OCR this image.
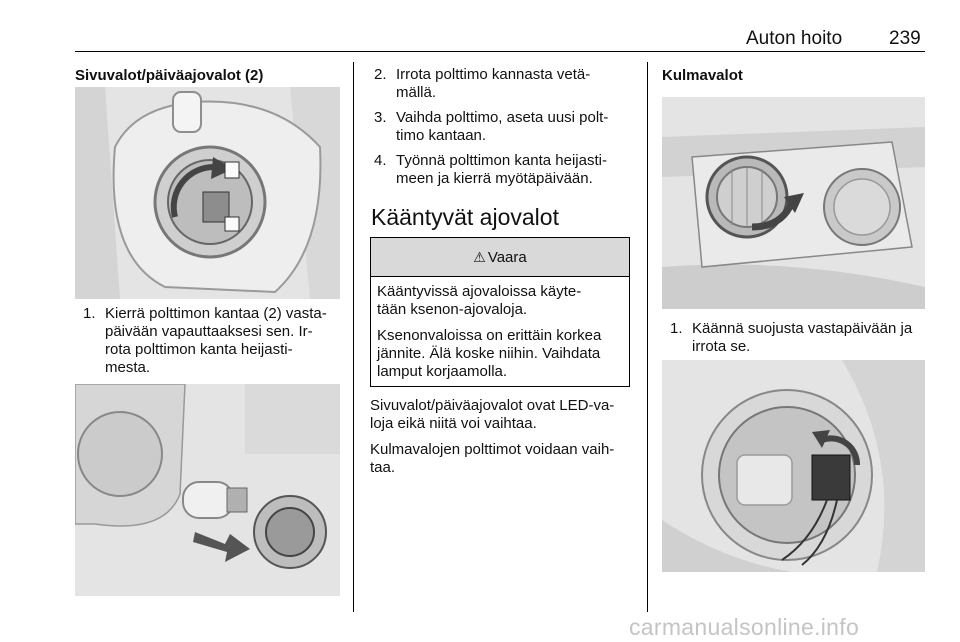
Auton hoito 239
Sivuvalot/päiväajovalot (2)
1. Kierrä polttimon kantaa (2) vasta-
päivään vapauttaaksesi sen. Ir-
rota polttimon kanta heijasti-
mesta.
2. Irrota polttimo kannasta vetä-
mällä.
3. Vaihda polttimo, aseta uusi polt-
timo kantaan.
4. Työnnä polttimon kanta heijasti-
meen ja kierrä myötäpäivään.
Kääntyvät ajovalot
⚠ Vaara

Kääntyvissä ajovaloissa käyte-
tään ksenon-ajovaloja.

Ksenonvaloissa on erittäin korkea
jännite. Älä koske niihin. Vaihdata
lamput korjaamolla.

Sivuvalot/päiväajovalot ovat LED-va-
loja eikä niitä voi vaihtaa.
Kulmavalojen polttimot voidaan vaih-
taa.
Kulmavalot
1. Käännä suojusta vastapäivään ja
irrota se.
carmanualsonline.info
